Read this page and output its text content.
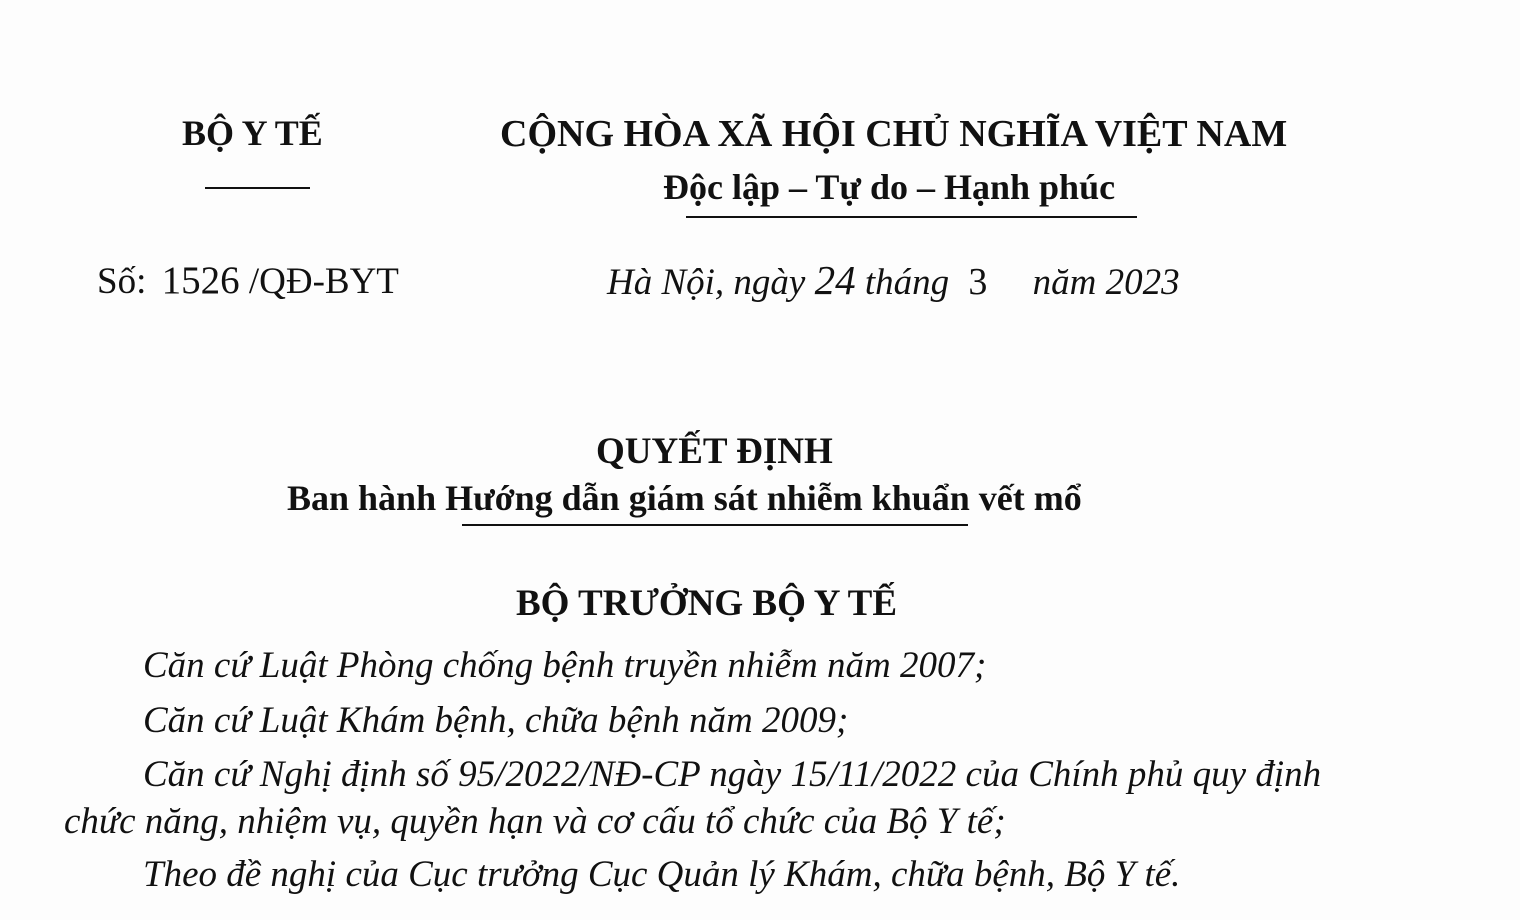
BỘ Y TẾ	CỘNG HÒA XÃ HỘI CHỦ NGHĨA VIỆT NAM
Độc lập – Tự do – Hạnh phúc
Số: 1526 /QĐ-BYT	Hà Nội, ngày 24 tháng 3 năm 2023
QUYẾT ĐỊNH
Ban hành Hướng dẫn giám sát nhiễm khuẩn vết mổ
BỘ TRƯỞNG BỘ Y TẾ
Căn cứ Luật Phòng chống bệnh truyền nhiễm năm 2007;
Căn cứ Luật Khám bệnh, chữa bệnh năm 2009;
Căn cứ Nghị định số 95/2022/NĐ-CP ngày 15/11/2022 của Chính phủ quy định
chức năng, nhiệm vụ, quyền hạn và cơ cấu tổ chức của Bộ Y tế;
Theo đề nghị của Cục trưởng Cục Quản lý Khám, chữa bệnh, Bộ Y tế.
